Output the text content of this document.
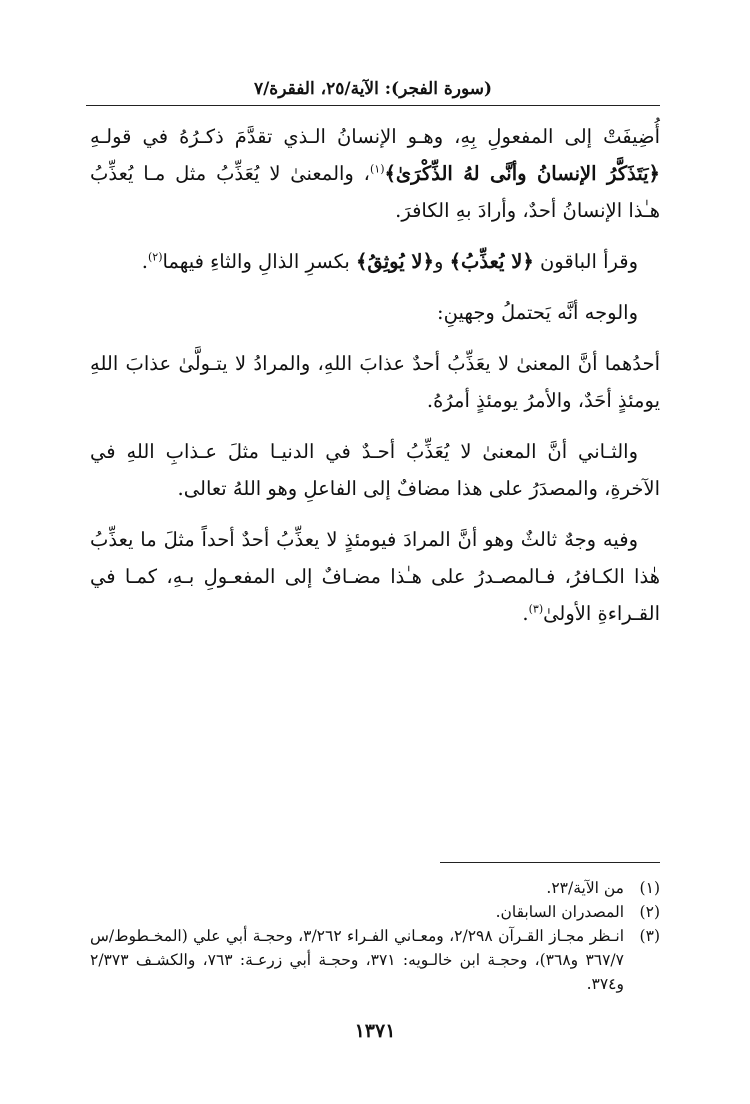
(سورة الفجر): الآية/٢٥، الفقرة/٧

أُضِيفَتْ إلى المفعولِ بِهِ، وهـو الإنسانُ الـذي تقدَّمَ ذكـرُهُ في قولـهِ ﴿يَتَذَكَّرُ الإنسانُ وأنَّى لهُ الذِّكْرَىٰ﴾$^{(١)}$، والمعنىٰ لا يُعَذِّبُ مثل مـا يُعذِّبُ هـٰذا الإنسانُ أحدٌ، وأرادَ بهِ الكافرَ.

وقرأ الباقون ﴿لا يُعذِّبُ﴾ و﴿لا يُوثِقُ﴾ بكسرِ الذالِ والثاءِ فيهما$^{(٢)}$.

والوجه أنَّه يَحتملُ وجهينِ:

أحدُهما أنَّ المعنىٰ لا يعَذِّبُ أحدٌ عذابَ اللهِ، والمرادُ لا يتـولَّىٰ عذابَ اللهِ يومئذٍ أحَدٌ، والأمرُ يومئذٍ أمرُهُ.

والثـاني أنَّ المعنىٰ لا يُعَذِّبُ أحـدٌ في الدنيـا مثلَ عـذابِ اللهِ في الآخرةِ، والمصدَرُ على هذا مضافٌ إلى الفاعلِ وهو اللهُ تعالى.

وفيه وجهٌ ثالثٌ وهو أنَّ المرادَ فيومئذٍ لا يعذِّبُ أحدٌ أحداً مثلَ ما يعذِّبُ هٰذا الكـافرُ، فـالمصـدرُ على هـٰذا مضـافٌ إلى المفعـولِ بـهِ، كمـا في القـراءةِ الأولىٰ$^{(٣)}$.

(١)
من الآية/٢٣.
(٢)
المصدران السابقان.
(٣)
انـظر مجـاز القـرآن ٢/٢٩٨، ومعـاني الفـراء ٣/٢٦٢، وحجـة أبي علي (المخـطوط/س ٣٦٧/٧ و٣٦٨)، وحجـة ابن خالـويه: ٣٧١، وحجـة أبي زرعـة: ٧٦٣، والكشـف ٢/٣٧٣ و٣٧٤.
١٣٧١
